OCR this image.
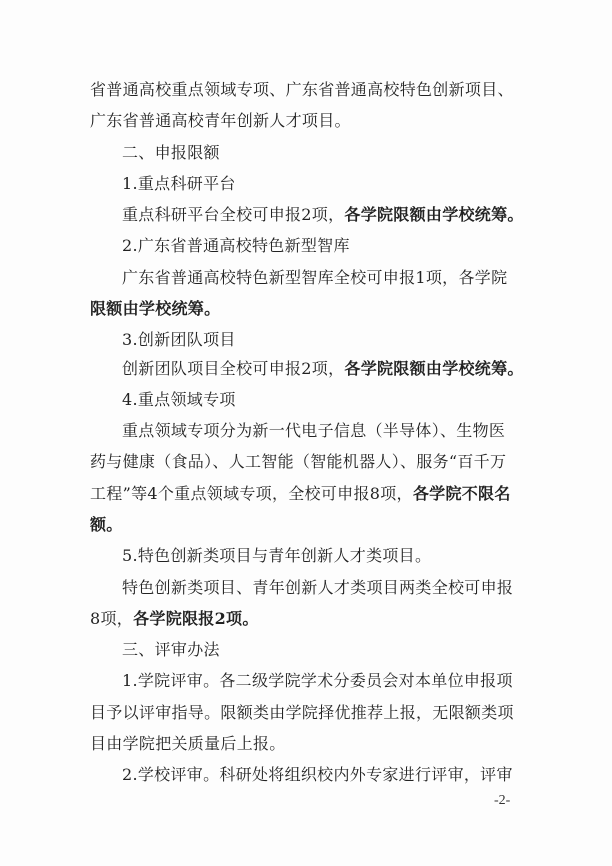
省普通高校重点领域专项、广东省普通高校特色创新项目、
广东省普通高校青年创新人才项目。
二、申报限额
1.重点科研平台
重点科研平台全校可申报2项，各学院限额由学校统筹。
2.广东省普通高校特色新型智库
广东省普通高校特色新型智库全校可申报1项，各学院
限额由学校统筹。
3.创新团队项目
创新团队项目全校可申报2项，各学院限额由学校统筹。
4.重点领域专项
重点领域专项分为新一代电子信息（半导体）、生物医
药与健康（食品）、人工智能（智能机器人）、服务“百千万
工程”等4个重点领域专项，全校可申报8项，各学院不限名
额。
5.特色创新类项目与青年创新人才类项目。
特色创新类项目、青年创新人才类项目两类全校可申报
8项，各学院限报2项。
三、评审办法
1.学院评审。各二级学院学术分委员会对本单位申报项
目予以评审指导。限额类由学院择优推荐上报，无限额类项
目由学院把关质量后上报。
2.学校评审。科研处将组织校内外专家进行评审，评审
-2-
